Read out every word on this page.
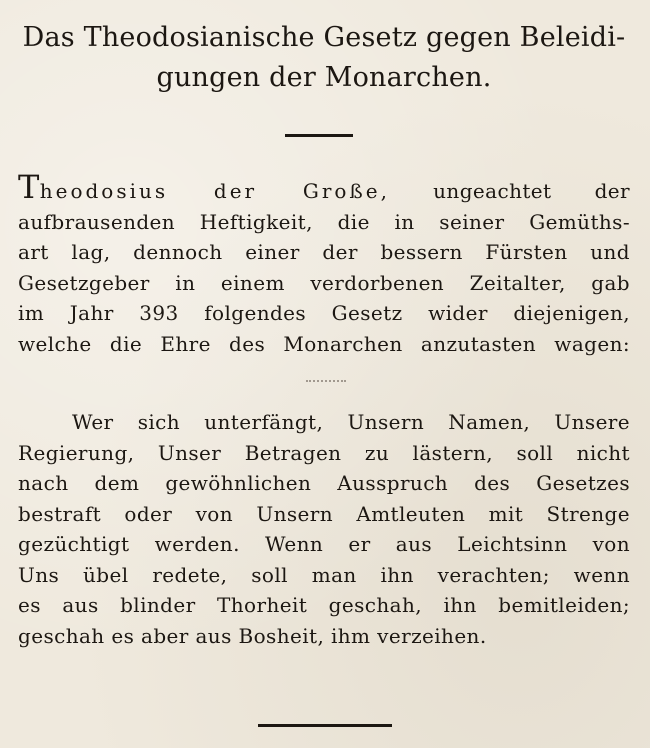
Das Theodosianische Gesetz gegen Beleidi-
gungen der Monarchen.
Theodosius der Große, ungeachtet der
aufbrausenden Heftigkeit, die in seiner Gemüths-
art lag, dennoch einer der bessern Fürsten und
Gesetzgeber in einem verdorbenen Zeitalter, gab
im Jahr 393 folgendes Gesetz wider diejenigen,
welche die Ehre des Monarchen anzutasten wagen:
Wer sich unterfängt, Unsern Namen, Unsere
Regierung, Unser Betragen zu lästern, soll nicht
nach dem gewöhnlichen Ausspruch des Gesetzes
bestraft oder von Unsern Amtleuten mit Strenge
gezüchtigt werden. Wenn er aus Leichtsinn von
Uns übel redete, soll man ihn verachten; wenn
es aus blinder Thorheit geschah, ihn bemitleiden;
geschah es aber aus Bosheit, ihm verzeihen.
